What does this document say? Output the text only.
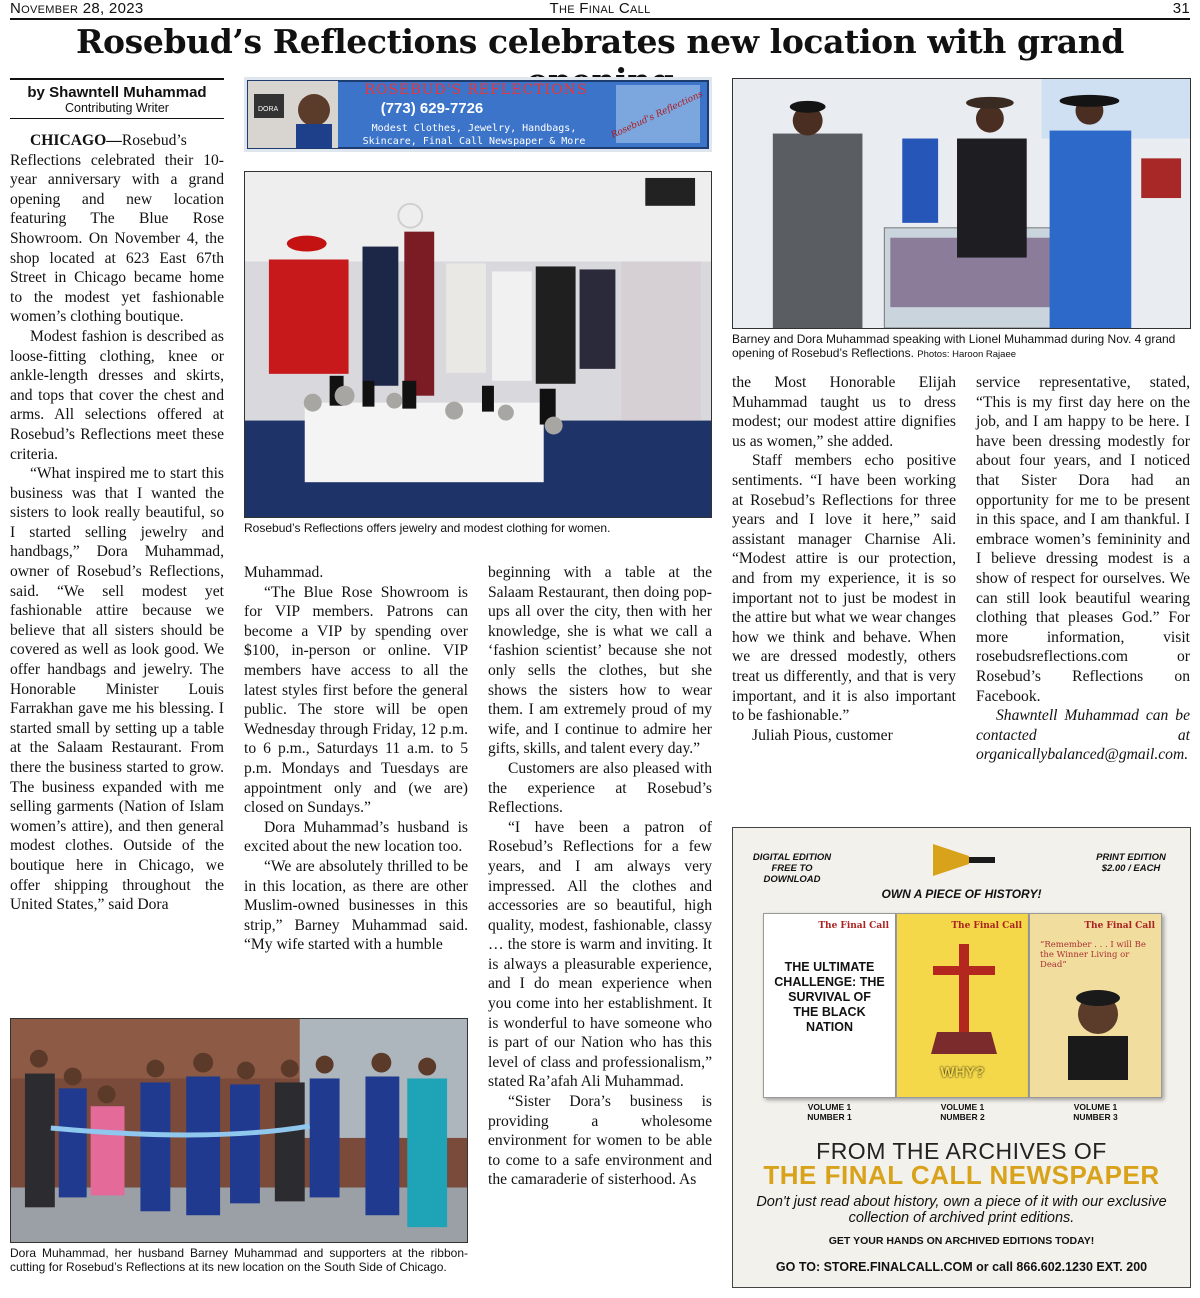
November 28, 2023	The Final Call	31
Rosebud’s Reflections celebrates new location with grand
by Shawntell Muhammad
Contributing Writer

CHICAGO—Rosebud’s Reflections celebrated their 10-year anniversary with a grand opening and new location featuring The Blue Rose Showroom. On November 4, the shop located at 623 East 67th Street in Chicago became home to the modest yet fashionable women’s clothing boutique.

Modest fashion is described as loose-fitting clothing, knee or ankle-length dresses and skirts, and tops that cover the chest and arms. All selections offered at Rosebud’s Reflections meet these criteria.

“What inspired me to start this business was that I wanted the sisters to look really beautiful, so I started selling jewelry and handbags,” Dora Muhammad, owner of Rosebud’s Reflections, said. “We sell modest yet fashionable attire because we believe that all sisters should be covered as well as look good. We offer handbags and jewelry. The Honorable Minister Louis Farrakhan gave me his blessing. I started small by setting up a table at the Salaam Restaurant. From there the business started to grow. The business expanded with me selling garments (Nation of Islam women’s attire), and then general modest clothes. Outside of the boutique here in Chicago, we offer shipping throughout the United States,” said Dora

DORA
ROSEBUD'S REFLECTIONS
(773) 629-7726
Modest Clothes, Jewelry, Handbags,
Skincare, Final Call Newspaper & More
Rosebud's Reflections
Rosebud’s Reflections offers jewelry and modest clothing for women.

Muhammad.

“The Blue Rose Showroom is for VIP members. Patrons can become a VIP by spending over $100, in-person or online. VIP members have access to all the latest styles first before the general public. The store will be open Wednesday through Friday, 12 p.m. to 6 p.m., Saturdays 11 a.m. to 5 p.m. Mondays and Tuesdays are appointment only and (we are) closed on Sundays.”

Dora Muhammad’s husband is excited about the new location too.

“We are absolutely thrilled to be in this location, as there are other Muslim-owned businesses in this strip,” Barney Muhammad said. “My wife started with a humble

beginning with a table at the Salaam Restaurant, then doing pop-ups all over the city, then with her knowledge, she is what we call a ‘fashion scientist’ because she not only sells the clothes, but she shows the sisters how to wear them. I am extremely proud of my wife, and I continue to admire her gifts, skills, and talent every day.”

Customers are also pleased with the experience at Rosebud’s Reflections.

“I have been a patron of Rosebud’s Reflections for a few years, and I am always very impressed. All the clothes and accessories are so beautiful, high quality, modest, fashionable, classy … the store is warm and inviting. It is always a pleasurable experience, and I do mean experience when you come into her establishment. It is wonderful to have someone who is part of our Nation who has this level of class and professionalism,” stated Ra’afah Ali Muhammad.

“Sister Dora’s business is providing a wholesome environment for women to be able to come to a safe environment and the camaraderie of sisterhood. As

Dora Muhammad, her husband Barney Muhammad and supporters at the ribbon-cutting for Rosebud’s Reflections at its new location on the South Side of Chicago.
Barney and Dora Muhammad speaking with Lionel Muhammad during Nov. 4 grand opening of Rosebud’s Reflections. Photos: Haroon Rajaee

the Most Honorable Elijah Muhammad taught us to dress modest; our modest attire dignifies us as women,” she added.

Staff members echo positive sentiments. “I have been working at Rosebud’s Reflections for three years and I love it here,” said assistant manager Charnise Ali. “Modest attire is our protection, and from my experience, it is so important not to just be modest in the attire but what we wear changes how we think and behave. When we are dressed modestly, others treat us differently, and that is very important, and it is also important to be fashionable.”

Juliah Pious, customer

service representative, stated, “This is my first day here on the job, and I am happy to be here. I have been dressing modestly for about four years, and I noticed that Sister Dora had an opportunity for me to be present in this space, and I am thankful. I embrace women’s femininity and I believe dressing modest is a show of respect for ourselves. We can still look beautiful wearing clothing that pleases God.” For more information, visit rosebudsreflections.com or Rosebud’s Reflections on Facebook.

Shawntell Muhammad can be contacted at organicallybalanced@gmail.com.

DIGITAL EDITION
FREE TO DOWNLOAD
PRINT EDITION
$2.00 / EACH
OWN A PIECE OF HISTORY!
The Final Call
THE ULTIMATE CHALLENGE: THE SURVIVAL OF THE BLACK NATION
VOLUME 1
NUMBER 1
The Final Call
WHY?
VOLUME 1
NUMBER 2
The Final Call
“Remember . . . I will Be the Winner Living or Dead”
VOLUME 1
NUMBER 3
FROM THE ARCHIVES OF
THE FINAL CALL NEWSPAPER
Don't just read about history, own a piece of it with our exclusive collection of archived print editions.
GET YOUR HANDS ON ARCHIVED EDITIONS TODAY!
GO TO: STORE.FINALCALL.COM or call 866.602.1230 EXT. 200
